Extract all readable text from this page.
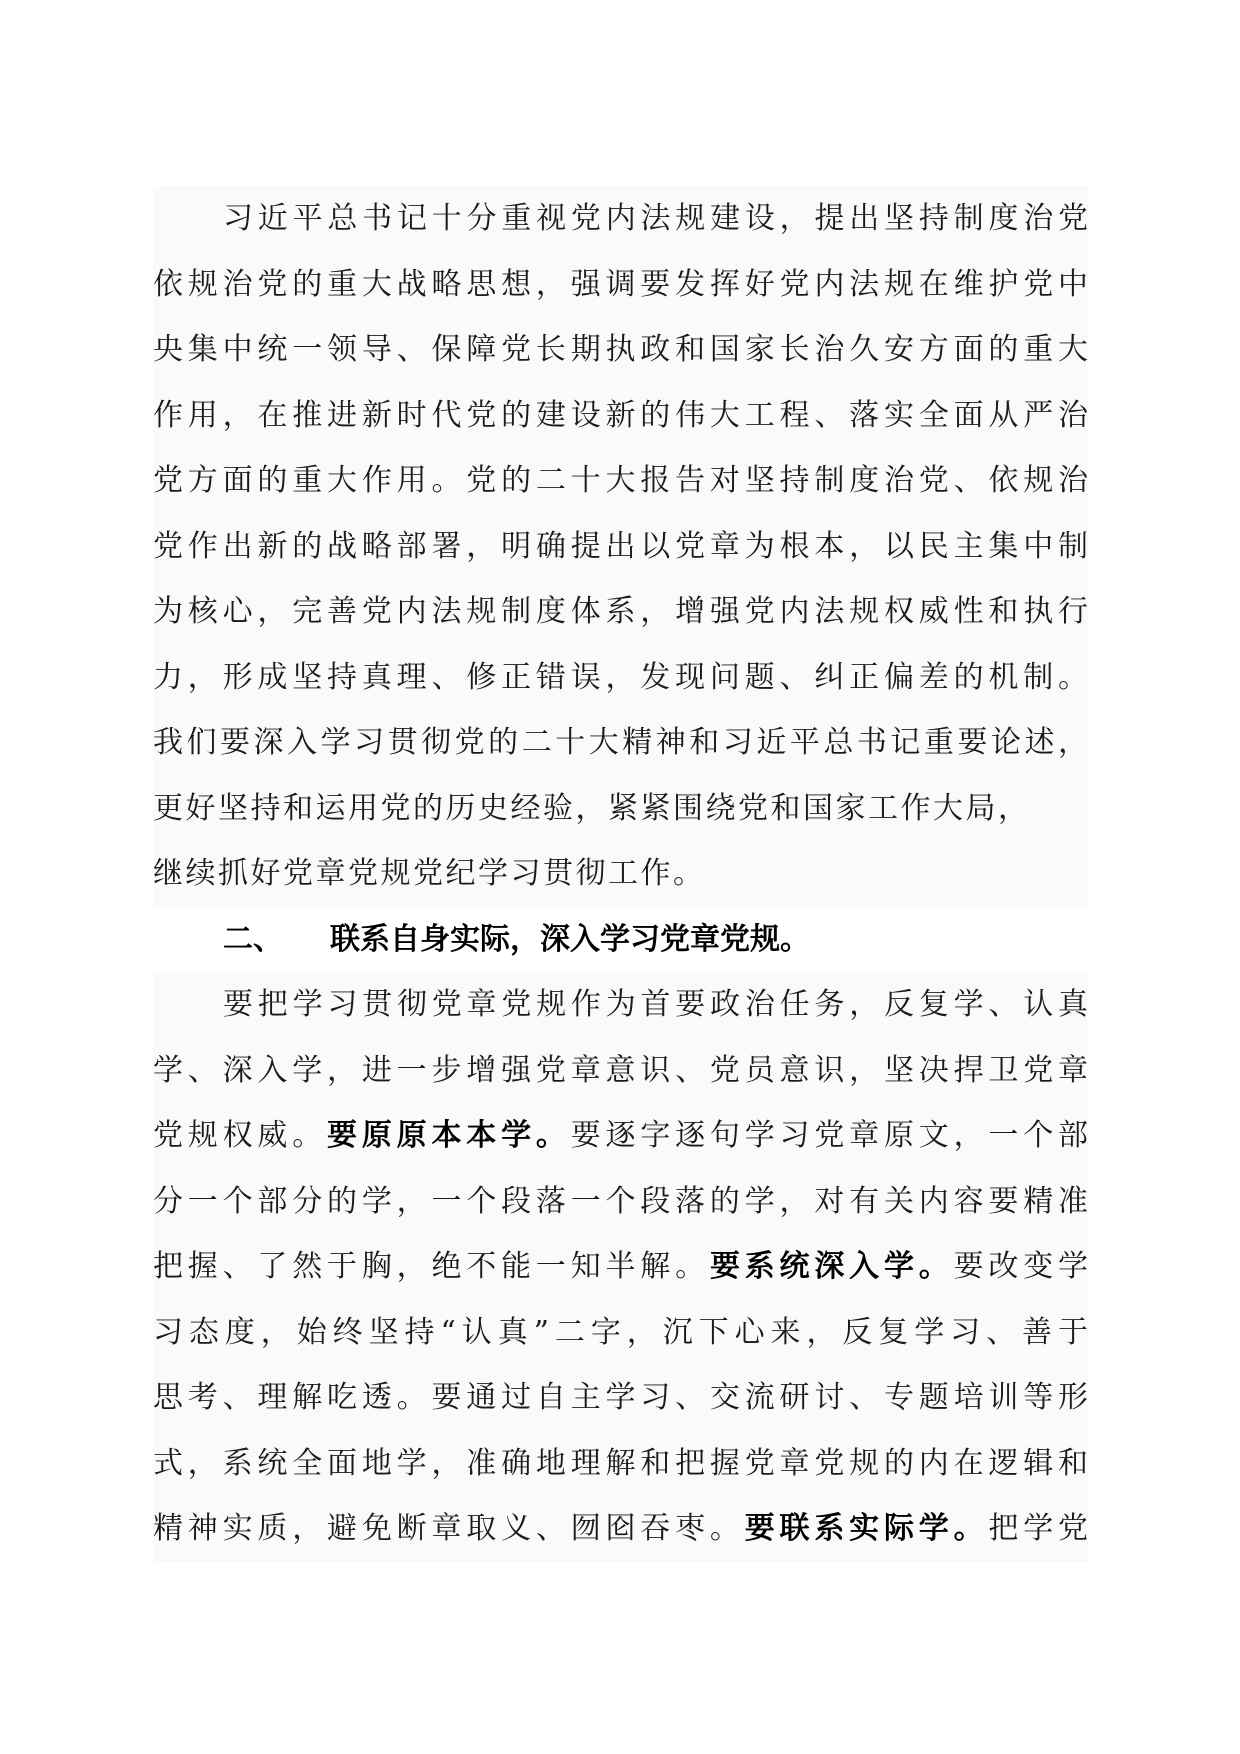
习近平总书记十分重视党内法规建设，提出坚持制度治党
依规治党的重大战略思想，强调要发挥好党内法规在维护党中
央集中统一领导、保障党长期执政和国家长治久安方面的重大
作用，在推进新时代党的建设新的伟大工程、落实全面从严治
党方面的重大作用。党的二十大报告对坚持制度治党、依规治
党作出新的战略部署，明确提出以党章为根本，以民主集中制
为核心，完善党内法规制度体系，增强党内法规权威性和执行
力，形成坚持真理、修正错误，发现问题、纠正偏差的机制。
我们要深入学习贯彻党的二十大精神和习近平总书记重要论述，
更好坚持和运用党的历史经验，紧紧围绕党和国家工作大局，
继续抓好党章党规党纪学习贯彻工作。
二、 联系自身实际，深入学习党章党规。
要把学习贯彻党章党规作为首要政治任务，反复学、认真
学、深入学，进一步增强党章意识、党员意识，坚决捍卫党章
党规权威。要原原本本学。要逐字逐句学习党章原文，一个部
分一个部分的学，一个段落一个段落的学，对有关内容要精准
把握、了然于胸，绝不能一知半解。要系统深入学。要改变学
习态度，始终坚持“认真”二字，沉下心来，反复学习、善于
思考、理解吃透。要通过自主学习、交流研讨、专题培训等形
式，系统全面地学，准确地理解和把握党章党规的内在逻辑和
精神实质，避免断章取义、囫囵吞枣。要联系实际学。把学党
